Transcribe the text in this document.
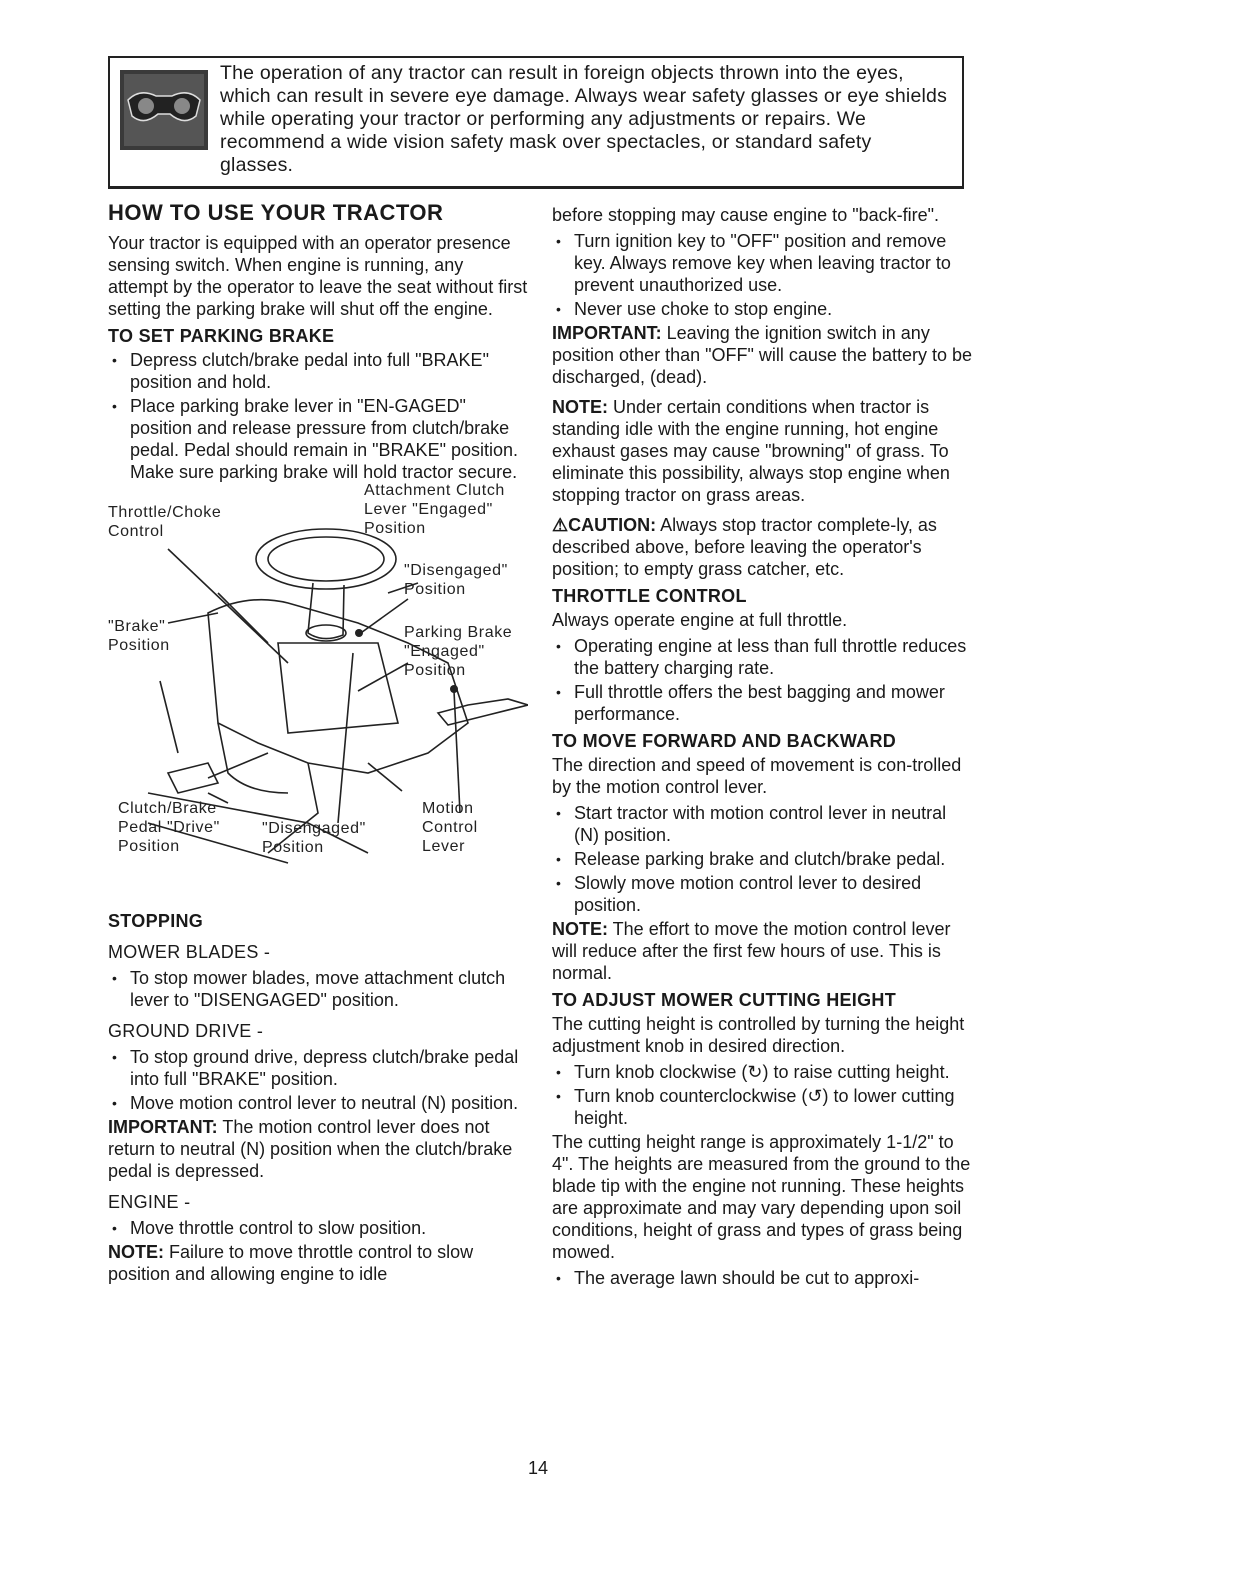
The operation of any tractor can result in foreign objects thrown into the eyes, which can result in severe eye damage. Always wear safety glasses or eye shields while operating your tractor or performing any adjustments or repairs. We recommend a wide vision safety mask over spectacles, or standard safety glasses.
HOW TO USE YOUR TRACTOR

Your tractor is equipped with an operator presence sensing switch. When engine is running, any attempt by the operator to leave the seat without first setting the parking brake will shut off the engine.

TO SET PARKING BRAKE
• Depress clutch/brake pedal into full "BRAKE" position and hold.
• Place parking brake lever in "EN-GAGED" position and release pressure from clutch/brake pedal. Pedal should remain in "BRAKE" position. Make sure parking brake will hold tractor secure.
Throttle/Choke Control
Attachment Clutch Lever "Engaged" Position
"Disengaged" Position
"Brake" Position
Parking Brake "Engaged" Position
Clutch/Brake Pedal "Drive" Position
"Disengaged" Position
Motion Control Lever
STOPPING
MOWER BLADES -
• To stop mower blades, move attachment clutch lever to "DISENGAGED" position.
GROUND DRIVE -
• To stop ground drive, depress clutch/brake pedal into full "BRAKE" position.
• Move motion control lever to neutral (N) position.

IMPORTANT: The motion control lever does not return to neutral (N) position when the clutch/brake pedal is depressed.

ENGINE -
• Move throttle control to slow position.

NOTE: Failure to move throttle control to slow position and allowing engine to idle

before stopping may cause engine to "back-fire".

• Turn ignition key to "OFF" position and remove key. Always remove key when leaving tractor to prevent unauthorized use.
• Never use choke to stop engine.

IMPORTANT: Leaving the ignition switch in any position other than "OFF" will cause the battery to be discharged, (dead).

NOTE: Under certain conditions when tractor is standing idle with the engine running, hot engine exhaust gases may cause "browning" of grass. To eliminate this possibility, always stop engine when stopping tractor on grass areas.

⚠CAUTION: Always stop tractor complete-ly, as described above, before leaving the operator's position; to empty grass catcher, etc.

THROTTLE CONTROL

Always operate engine at full throttle.

• Operating engine at less than full throttle reduces the battery charging rate.
• Full throttle offers the best bagging and mower performance.
TO MOVE FORWARD AND BACKWARD

The direction and speed of movement is con-trolled by the motion control lever.

• Start tractor with motion control lever in neutral (N) position.
• Release parking brake and clutch/brake pedal.
• Slowly move motion control lever to desired position.

NOTE: The effort to move the motion control lever will reduce after the first few hours of use. This is normal.

TO ADJUST MOWER CUTTING HEIGHT

The cutting height is controlled by turning the height adjustment knob in desired direction.

• Turn knob clockwise (↻) to raise cutting height.
• Turn knob counterclockwise (↺) to lower cutting height.

The cutting height range is approximately 1-1/2" to 4". The heights are measured from the ground to the blade tip with the engine not running. These heights are approximate and may vary depending upon soil conditions, height of grass and types of grass being mowed.

• The average lawn should be cut to approxi-
14
